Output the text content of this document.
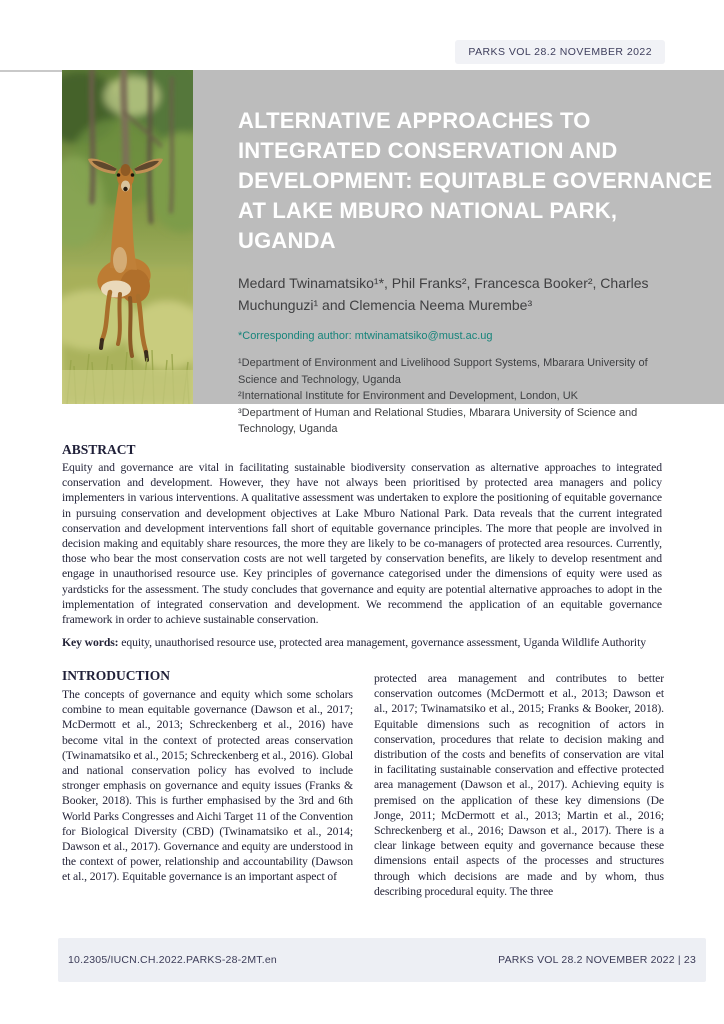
PARKS VOL 28.2 NOVEMBER 2022
ALTERNATIVE APPROACHES TO
INTEGRATED CONSERVATION AND
DEVELOPMENT: EQUITABLE GOVERNANCE
AT LAKE MBURO NATIONAL PARK,
UGANDA
Medard Twinamatsiko¹*, Phil Franks², Francesca Booker², Charles Muchunguzi¹ and Clemencia Neema Murembe³
*Corresponding author: mtwinamatsiko@must.ac.ug

¹Department of Environment and Livelihood Support Systems, Mbarara University of Science and Technology, Uganda

²International Institute for Environment and Development, London, UK

³Department of Human and Relational Studies, Mbarara University of Science and Technology, Uganda

ABSTRACT

Equity and governance are vital in facilitating sustainable biodiversity conservation as alternative approaches to integrated conservation and development. However, they have not always been prioritised by protected area managers and policy implementers in various interventions. A qualitative assessment was undertaken to explore the positioning of equitable governance in pursuing conservation and development objectives at Lake Mburo National Park. Data reveals that the current integrated conservation and development interventions fall short of equitable governance principles. The more that people are involved in decision making and equitably share resources, the more they are likely to be co-managers of protected area resources. Currently, those who bear the most conservation costs are not well targeted by conservation benefits, are likely to develop resentment and engage in unauthorised resource use. Key principles of governance categorised under the dimensions of equity were used as yardsticks for the assessment. The study concludes that governance and equity are potential alternative approaches to adopt in the implementation of integrated conservation and development. We recommend the application of an equitable governance framework in order to achieve sustainable conservation.

Key words: equity, unauthorised resource use, protected area management, governance assessment, Uganda Wildlife Authority

INTRODUCTION

The concepts of governance and equity which some scholars combine to mean equitable governance (Dawson et al., 2017; McDermott et al., 2013; Schreckenberg et al., 2016) have become vital in the context of protected areas conservation (Twinamatsiko et al., 2015; Schreckenberg et al., 2016). Global and national conservation policy has evolved to include stronger emphasis on governance and equity issues (Franks & Booker, 2018). This is further emphasised by the 3rd and 6th World Parks Congresses and Aichi Target 11 of the Convention for Biological Diversity (CBD) (Twinamatsiko et al., 2014; Dawson et al., 2017). Governance and equity are understood in the context of power, relationship and accountability (Dawson et al., 2017). Equitable governance is an important aspect of

protected area management and contributes to better conservation outcomes (McDermott et al., 2013; Dawson et al., 2017; Twinamatsiko et al., 2015; Franks & Booker, 2018). Equitable dimensions such as recognition of actors in conservation, procedures that relate to decision making and distribution of the costs and benefits of conservation are vital in facilitating sustainable conservation and effective protected area management (Dawson et al., 2017). Achieving equity is premised on the application of these key dimensions (De Jonge, 2011; McDermott et al., 2013; Martin et al., 2016; Schreckenberg et al., 2016; Dawson et al., 2017). There is a clear linkage between equity and governance because these dimensions entail aspects of the processes and structures through which decisions are made and by whom, thus describing procedural equity. The three

10.2305/IUCN.CH.2022.PARKS-28-2MT.en	PARKS VOL 28.2 NOVEMBER 2022 | 23
